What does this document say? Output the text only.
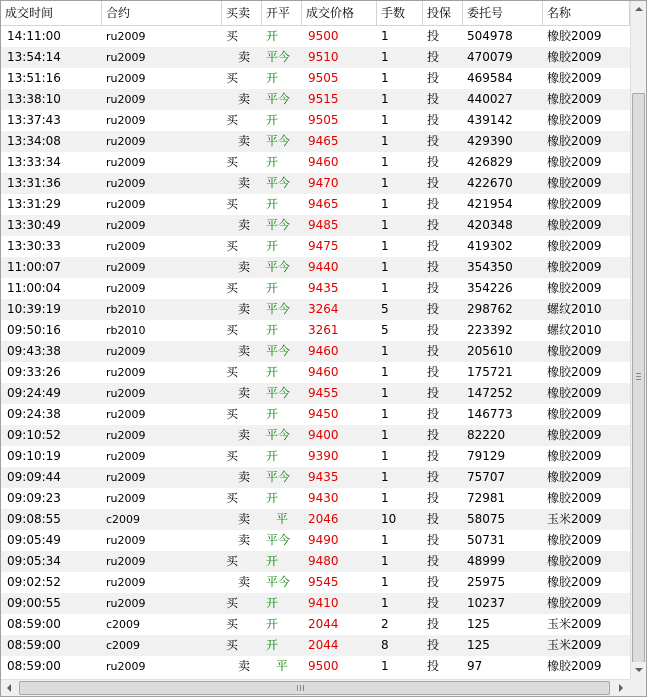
成交时间	合约	买卖	开平	成交价格	手数	投保	委托号	名称
14:11:00	ru2009	买	开	9500	1	投	504978	橡胶2009
13:54:14	ru2009	卖	平今	9510	1	投	470079	橡胶2009
13:51:16	ru2009	买	开	9505	1	投	469584	橡胶2009
13:38:10	ru2009	卖	平今	9515	1	投	440027	橡胶2009
13:37:43	ru2009	买	开	9505	1	投	439142	橡胶2009
13:34:08	ru2009	卖	平今	9465	1	投	429390	橡胶2009
13:33:34	ru2009	买	开	9460	1	投	426829	橡胶2009
13:31:36	ru2009	卖	平今	9470	1	投	422670	橡胶2009
13:31:29	ru2009	买	开	9465	1	投	421954	橡胶2009
13:30:49	ru2009	卖	平今	9485	1	投	420348	橡胶2009
13:30:33	ru2009	买	开	9475	1	投	419302	橡胶2009
11:00:07	ru2009	卖	平今	9440	1	投	354350	橡胶2009
11:00:04	ru2009	买	开	9435	1	投	354226	橡胶2009
10:39:19	rb2010	卖	平今	3264	5	投	298762	螺纹2010
09:50:16	rb2010	买	开	3261	5	投	223392	螺纹2010
09:43:38	ru2009	卖	平今	9460	1	投	205610	橡胶2009
09:33:26	ru2009	买	开	9460	1	投	175721	橡胶2009
09:24:49	ru2009	卖	平今	9455	1	投	147252	橡胶2009
09:24:38	ru2009	买	开	9450	1	投	146773	橡胶2009
09:10:52	ru2009	卖	平今	9400	1	投	82220	橡胶2009
09:10:19	ru2009	买	开	9390	1	投	79129	橡胶2009
09:09:44	ru2009	卖	平今	9435	1	投	75707	橡胶2009
09:09:23	ru2009	买	开	9430	1	投	72981	橡胶2009
09:08:55	c2009	卖	平	2046	10	投	58075	玉米2009
09:05:49	ru2009	卖	平今	9490	1	投	50731	橡胶2009
09:05:34	ru2009	买	开	9480	1	投	48999	橡胶2009
09:02:52	ru2009	卖	平今	9545	1	投	25975	橡胶2009
09:00:55	ru2009	买	开	9410	1	投	10237	橡胶2009
08:59:00	c2009	买	开	2044	2	投	125	玉米2009
08:59:00	c2009	买	开	2044	8	投	125	玉米2009
08:59:00	ru2009	卖	平	9500	1	投	97	橡胶2009
